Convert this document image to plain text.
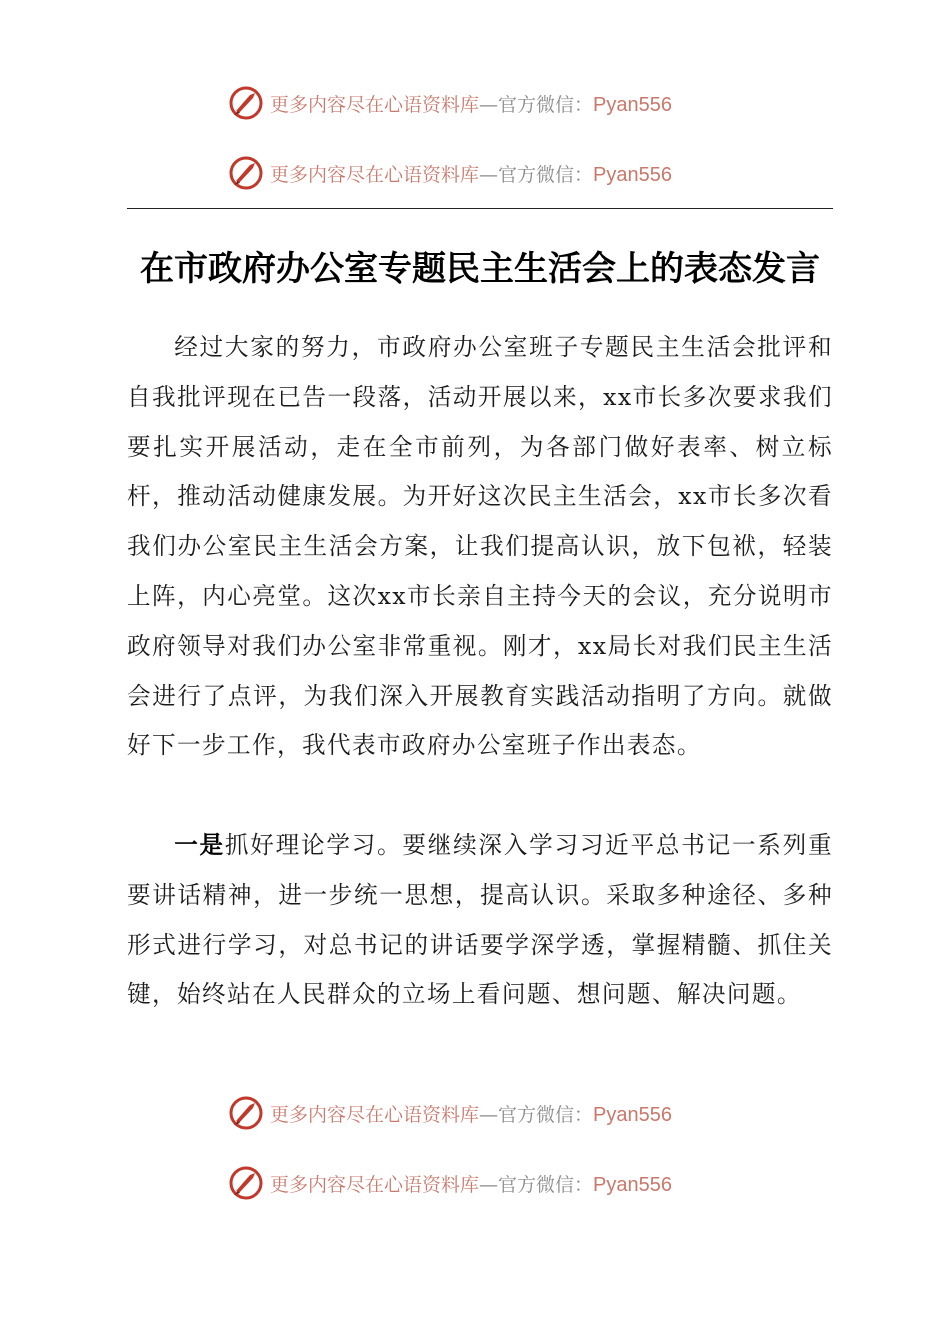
更多内容尽在心语资料库—官方微信：Pyan556
更多内容尽在心语资料库—官方微信：Pyan556
在市政府办公室专题民主生活会上的表态发言

经过大家的努力，市政府办公室班子专题民主生活会批评和自我批评现在已告一段落，活动开展以来，xx市长多次要求我们要扎实开展活动，走在全市前列，为各部门做好表率、树立标杆，推动活动健康发展。为开好这次民主生活会，xx市长多次看我们办公室民主生活会方案，让我们提高认识，放下包袱，轻装上阵，内心亮堂。这次xx市长亲自主持今天的会议，充分说明市政府领导对我们办公室非常重视。刚才，xx局长对我们民主生活会进行了点评，为我们深入开展教育实践活动指明了方向。就做好下一步工作，我代表市政府办公室班子作出表态。

一是抓好理论学习。要继续深入学习习近平总书记一系列重要讲话精神，进一步统一思想，提高认识。采取多种途径、多种形式进行学习，对总书记的讲话要学深学透，掌握精髓、抓住关键，始终站在人民群众的立场上看问题、想问题、解决问题。

更多内容尽在心语资料库—官方微信：Pyan556
更多内容尽在心语资料库—官方微信：Pyan556
